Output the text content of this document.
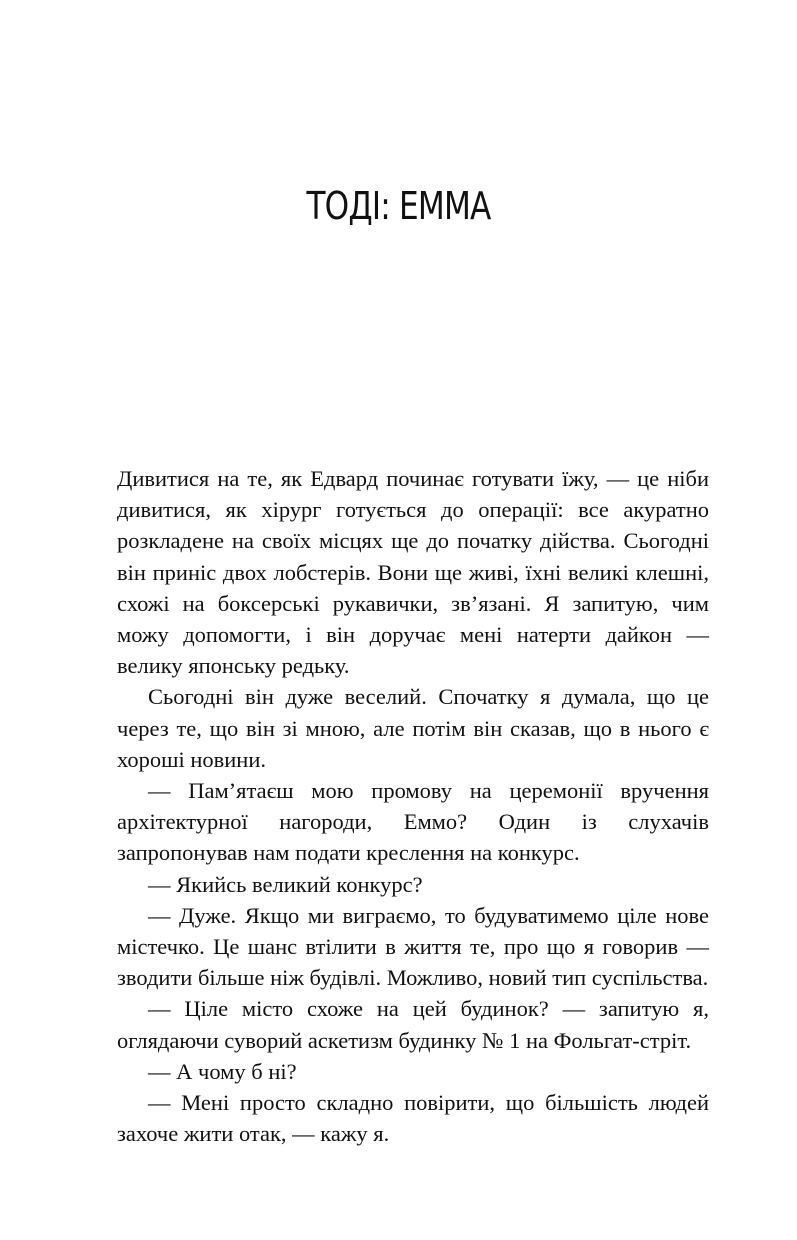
ТОДІ: ЕММА

Дивитися на те, як Едвард починає готувати їжу, — це ніби дивитися, як хірург готується до операції: все акуратно розкладене на своїх місцях ще до початку дійства. Сьогодні він приніс двох лобстерів. Вони ще живі, їхні великі клешні, схожі на боксерські рукавички, зв’язані. Я запитую, чим можу допомогти, і він доручає мені натерти дайкон — велику японську редьку.

Сьогодні він дуже веселий. Спочатку я думала, що це через те, що він зі мною, але потім він сказав, що в нього є хороші новини.

— Пам’ятаєш мою промову на церемонії вручення архітектурної нагороди, Еммо? Один із слухачів запропонував нам подати креслення на конкурс.

— Якийсь великий конкурс?

— Дуже. Якщо ми виграємо, то будуватимемо ціле нове містечко. Це шанс втілити в життя те, про що я говорив — зводити більше ніж будівлі. Можливо, новий тип суспільства.

— Ціле місто схоже на цей будинок? — запитую я, оглядаючи суворий аскетизм будинку № 1 на Фольгат-стріт.

— А чому б ні?

— Мені просто складно повірити, що більшість людей захоче жити отак, — кажу я.
